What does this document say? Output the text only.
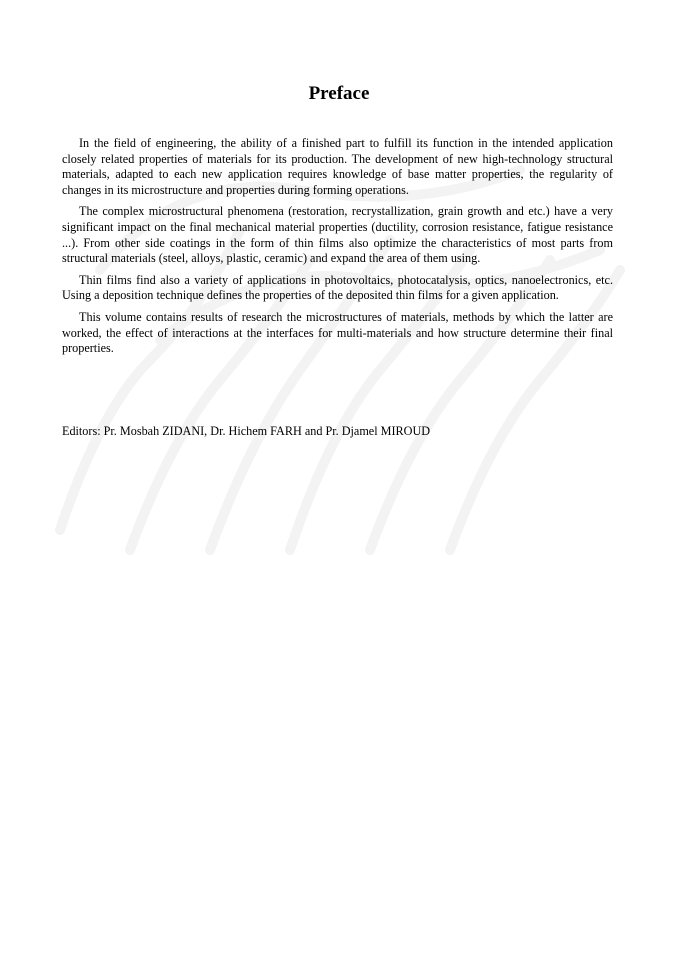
Preface

In the field of engineering, the ability of a finished part to fulfill its function in the intended application closely related properties of materials for its production. The development of new high-technology structural materials, adapted to each new application requires knowledge of base matter properties, the regularity of changes in its microstructure and properties during forming operations.

The complex microstructural phenomena (restoration, recrystallization, grain growth and etc.) have a very significant impact on the final mechanical material properties (ductility, corrosion resistance, fatigue resistance ...). From other side coatings in the form of thin films also optimize the characteristics of most parts from structural materials (steel, alloys, plastic, ceramic) and expand the area of them using.

Thin films find also a variety of applications in photovoltaics, photocatalysis, optics, nanoelectronics, etc. Using a deposition technique defines the properties of the deposited thin films for a given application.

This volume contains results of research the microstructures of materials, methods by which the latter are worked, the effect of interactions at the interfaces for multi-materials and how structure determine their final properties.

Editors: Pr. Mosbah ZIDANI, Dr. Hichem FARH and Pr. Djamel MIROUD
